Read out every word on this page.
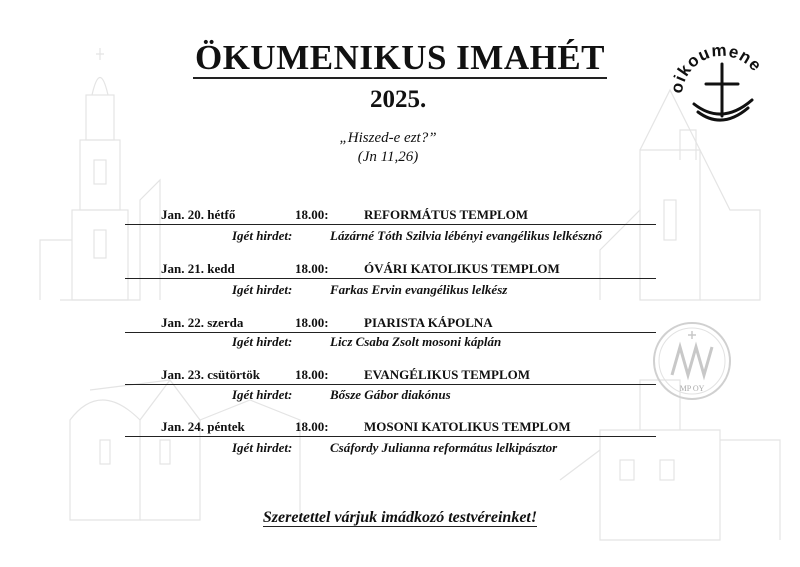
ÖKUMENIKUS IMAHÉT
2025.
„Hiszed-e ezt?”
(Jn 11,26)
oikoumene
MP OY
Jan. 20. hétfő	18.00:	REFORMÁTUS TEMPLOM
Igét hirdet:	Lázárné Tóth Szilvia lébényi evangélikus lelkésznő
Jan. 21. kedd	18.00:	ÓVÁRI KATOLIKUS TEMPLOM
Igét hirdet:	Farkas Ervin evangélikus lelkész
Jan. 22. szerda	18.00:	PIARISTA KÁPOLNA
Igét hirdet:	Licz Csaba Zsolt mosoni káplán
Jan. 23. csütörtök	18.00:	EVANGÉLIKUS TEMPLOM
Igét hirdet:	Bősze Gábor diakónus
Jan. 24. péntek	18.00:	MOSONI KATOLIKUS TEMPLOM
Igét hirdet:	Csáfordy Julianna református lelkipásztor
Szeretettel várjuk imádkozó testvéreinket!
